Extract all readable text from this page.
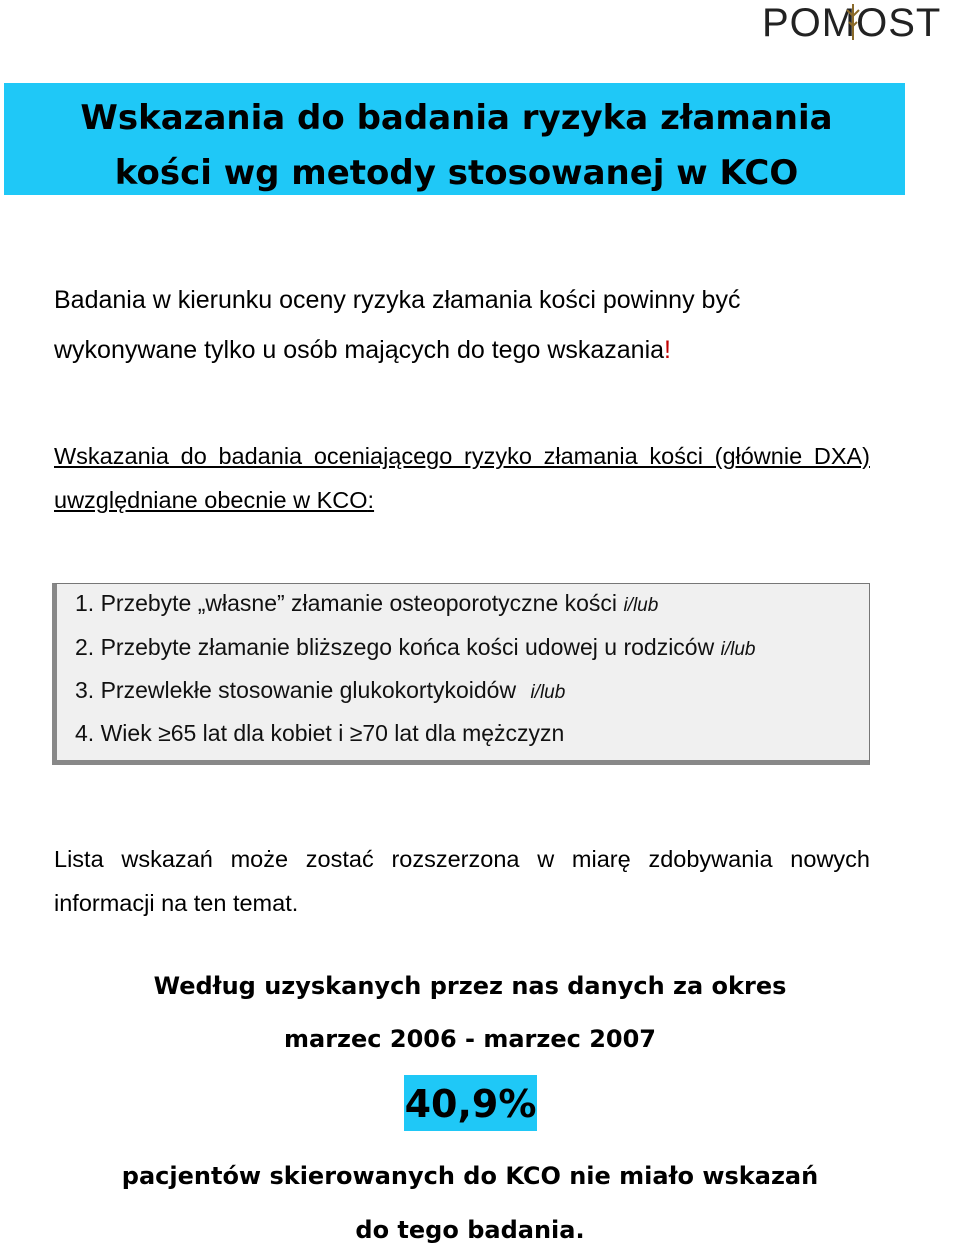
POMOST
Wskazania do badania ryzyka złamania
kości wg metody stosowanej w KCO
Badania w kierunku oceny ryzyka złamania kości powinny być
wykonywane tylko u osób mających do tego wskazania!
Wskazania do badania oceniającego ryzyko złamania kości (głównie DXA) uwzględniane obecnie w KCO:
1. Przebyte „własne” złamanie osteoporotyczne kości i/lub
2. Przebyte złamanie bliższego końca kości udowej u rodziców i/lub
3. Przewlekłe stosowanie glukokortykoidów i/lub
4. Wiek ≥65 lat dla kobiet i ≥70 lat dla mężczyzn
Lista wskazań może zostać rozszerzona w miarę zdobywania nowych informacji na ten temat.
Według uzyskanych przez nas danych za okres
marzec 2006 - marzec 2007
40,9%
pacjentów skierowanych do KCO nie miało wskazań
do tego badania.
